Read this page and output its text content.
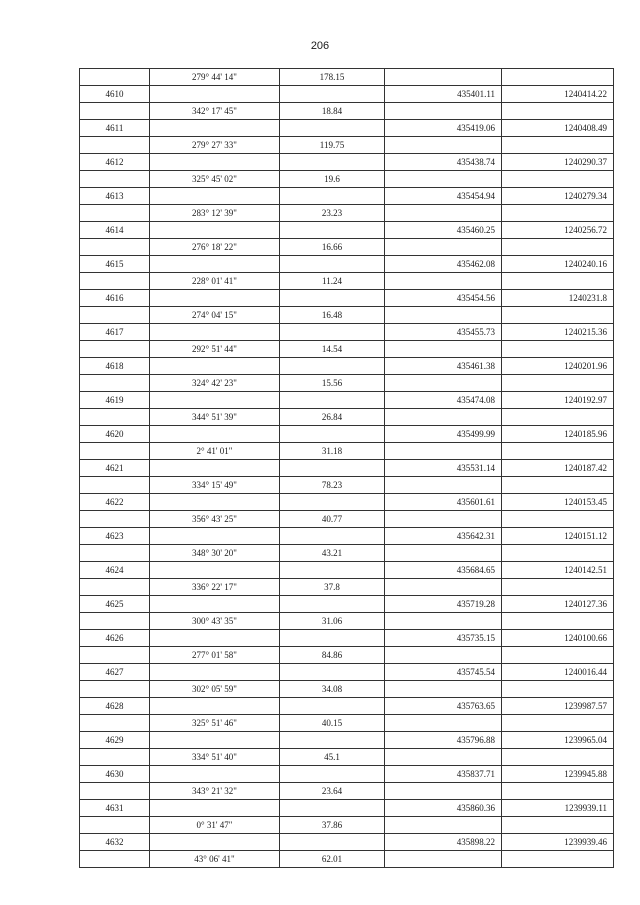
206
	279° 44' 14"	178.15		
4610			435401.11	1240414.22
	342° 17' 45"	18.84		
4611			435419.06	1240408.49
	279° 27' 33"	119.75		
4612			435438.74	1240290.37
	325° 45' 02"	19.6		
4613			435454.94	1240279.34
	283° 12' 39"	23.23		
4614			435460.25	1240256.72
	276° 18' 22"	16.66		
4615			435462.08	1240240.16
	228° 01' 41"	11.24		
4616			435454.56	1240231.8
	274° 04' 15"	16.48		
4617			435455.73	1240215.36
	292° 51' 44"	14.54		
4618			435461.38	1240201.96
	324° 42' 23"	15.56		
4619			435474.08	1240192.97
	344° 51' 39"	26.84		
4620			435499.99	1240185.96
	2° 41' 01"	31.18		
4621			435531.14	1240187.42
	334° 15' 49"	78.23		
4622			435601.61	1240153.45
	356° 43' 25"	40.77		
4623			435642.31	1240151.12
	348° 30' 20"	43.21		
4624			435684.65	1240142.51
	336° 22' 17"	37.8		
4625			435719.28	1240127.36
	300° 43' 35"	31.06		
4626			435735.15	1240100.66
	277° 01' 58"	84.86		
4627			435745.54	1240016.44
	302° 05' 59"	34.08		
4628			435763.65	1239987.57
	325° 51' 46"	40.15		
4629			435796.88	1239965.04
	334° 51' 40"	45.1		
4630			435837.71	1239945.88
	343° 21' 32"	23.64		
4631			435860.36	1239939.11
	0° 31' 47"	37.86		
4632			435898.22	1239939.46
	43° 06' 41"	62.01		
